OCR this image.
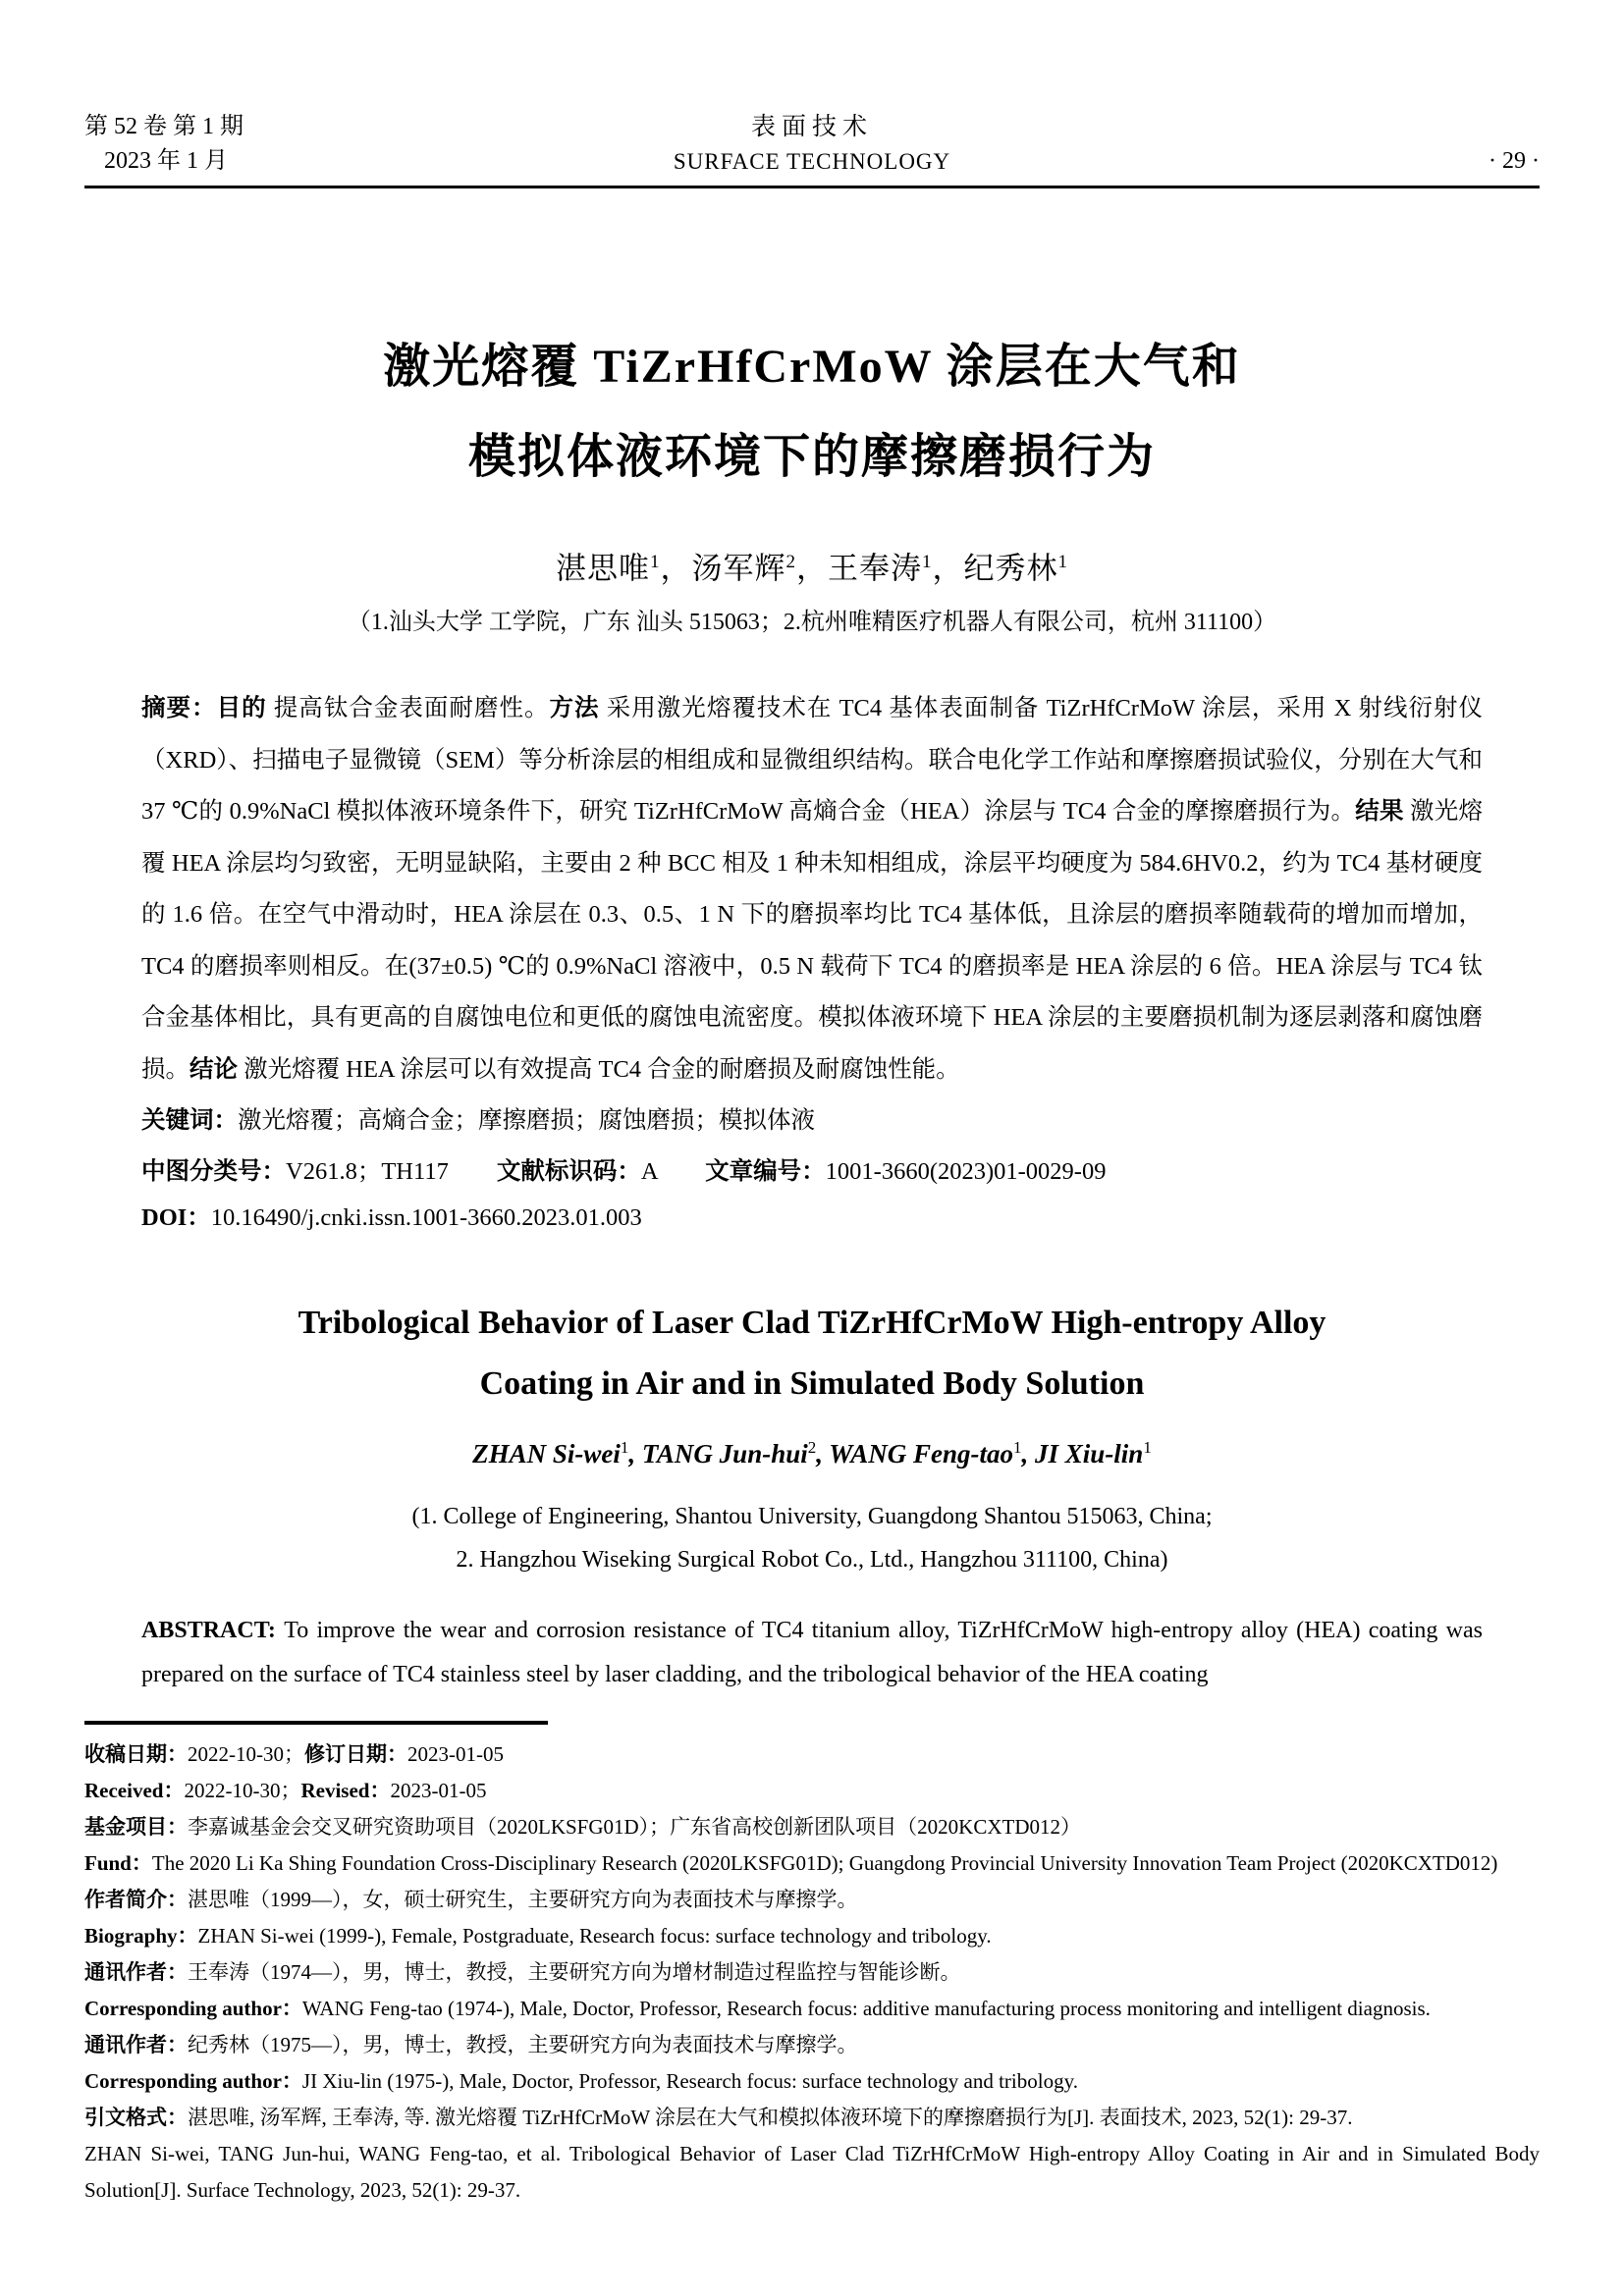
第 52 卷 第 1 期
2023 年 1 月
表面技术
SURFACE TECHNOLOGY	· 29 ·
激光熔覆 TiZrHfCrMoW 涂层在大气和
模拟体液环境下的摩擦磨损行为
湛思唯$^1$，汤军辉$^2$，王奉涛$^1$，纪秀林$^1$
（1.汕头大学 工学院，广东 汕头 515063；2.杭州唯精医疗机器人有限公司，杭州 311100）

摘要：目的 提高钛合金表面耐磨性。方法 采用激光熔覆技术在 TC4 基体表面制备 TiZrHfCrMoW 涂层，采用 X 射线衍射仪（XRD）、扫描电子显微镜（SEM）等分析涂层的相组成和显微组织结构。联合电化学工作站和摩擦磨损试验仪，分别在大气和 37 ℃的 0.9%NaCl 模拟体液环境条件下，研究 TiZrHfCrMoW 高熵合金（HEA）涂层与 TC4 合金的摩擦磨损行为。结果 激光熔覆 HEA 涂层均匀致密，无明显缺陷，主要由 2 种 BCC 相及 1 种未知相组成，涂层平均硬度为 584.6HV0.2，约为 TC4 基材硬度的 1.6 倍。在空气中滑动时，HEA 涂层在 0.3、0.5、1 N 下的磨损率均比 TC4 基体低，且涂层的磨损率随载荷的增加而增加，TC4 的磨损率则相反。在(37±0.5) ℃的 0.9%NaCl 溶液中，0.5 N 载荷下 TC4 的磨损率是 HEA 涂层的 6 倍。HEA 涂层与 TC4 钛合金基体相比，具有更高的自腐蚀电位和更低的腐蚀电流密度。模拟体液环境下 HEA 涂层的主要磨损机制为逐层剥落和腐蚀磨损。结论 激光熔覆 HEA 涂层可以有效提高 TC4 合金的耐磨损及耐腐蚀性能。

关键词：激光熔覆；高熵合金；摩擦磨损；腐蚀磨损；模拟体液

中图分类号：V261.8；TH117　　文献标识码：A　　文章编号：1001-3660(2023)01-0029-09
DOI：10.16490/j.cnki.issn.1001-3660.2023.01.003
Tribological Behavior of Laser Clad TiZrHfCrMoW High-entropy Alloy
Coating in Air and in Simulated Body Solution
ZHAN Si-wei$^1$, TANG Jun-hui$^2$, WANG Feng-tao$^1$, JI Xiu-lin$^1$
(1. College of Engineering, Shantou University, Guangdong Shantou 515063, China;
2. Hangzhou Wiseking Surgical Robot Co., Ltd., Hangzhou 311100, China)
ABSTRACT: To improve the wear and corrosion resistance of TC4 titanium alloy, TiZrHfCrMoW high-entropy alloy (HEA) coating was prepared on the surface of TC4 stainless steel by laser cladding, and the tribological behavior of the HEA coating

收稿日期：2022-10-30；修订日期：2023-01-05

Received：2022-10-30；Revised：2023-01-05

基金项目：李嘉诚基金会交叉研究资助项目（2020LKSFG01D）；广东省高校创新团队项目（2020KCXTD012）

Fund：The 2020 Li Ka Shing Foundation Cross-Disciplinary Research (2020LKSFG01D); Guangdong Provincial University Innovation Team Project (2020KCXTD012)

作者简介：湛思唯（1999—），女，硕士研究生，主要研究方向为表面技术与摩擦学。

Biography：ZHAN Si-wei (1999-), Female, Postgraduate, Research focus: surface technology and tribology.

通讯作者：王奉涛（1974—），男，博士，教授，主要研究方向为增材制造过程监控与智能诊断。

Corresponding author：WANG Feng-tao (1974-), Male, Doctor, Professor, Research focus: additive manufacturing process monitoring and intelligent diagnosis.

通讯作者：纪秀林（1975—），男，博士，教授，主要研究方向为表面技术与摩擦学。

Corresponding author：JI Xiu-lin (1975-), Male, Doctor, Professor, Research focus: surface technology and tribology.

引文格式：湛思唯, 汤军辉, 王奉涛, 等. 激光熔覆 TiZrHfCrMoW 涂层在大气和模拟体液环境下的摩擦磨损行为[J]. 表面技术, 2023, 52(1): 29-37.

ZHAN Si-wei, TANG Jun-hui, WANG Feng-tao, et al. Tribological Behavior of Laser Clad TiZrHfCrMoW High-entropy Alloy Coating in Air and in Simulated Body Solution[J]. Surface Technology, 2023, 52(1): 29-37.
